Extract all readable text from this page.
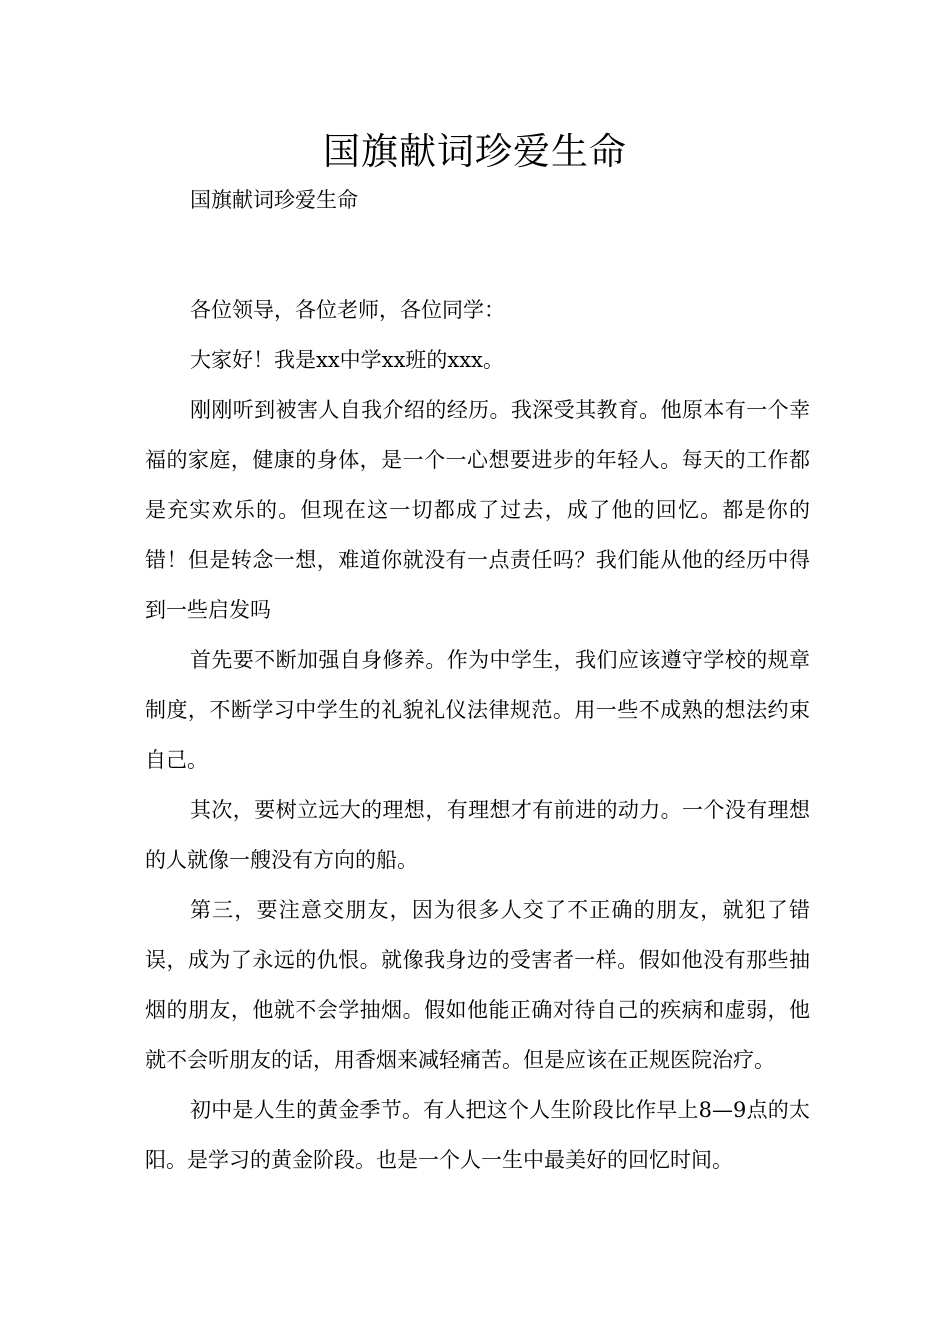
国旗献词珍爱生命
国旗献词珍爱生命

各位领导，各位老师，各位同学：

大家好！我是xx中学xx班的xxx。

刚刚听到被害人自我介绍的经历。我深受其教育。他原本有一个幸福的家庭，健康的身体，是一个一心想要进步的年轻人。每天的工作都是充实欢乐的。但现在这一切都成了过去，成了他的回忆。都是你的错！但是转念一想，难道你就没有一点责任吗？我们能从他的经历中得到一些启发吗

首先要不断加强自身修养。作为中学生，我们应该遵守学校的规章制度，不断学习中学生的礼貌礼仪法律规范。用一些不成熟的想法约束自己。

其次，要树立远大的理想，有理想才有前进的动力。一个没有理想的人就像一艘没有方向的船。

第三，要注意交朋友，因为很多人交了不正确的朋友，就犯了错误，成为了永远的仇恨。就像我身边的受害者一样。假如他没有那些抽烟的朋友，他就不会学抽烟。假如他能正确对待自己的疾病和虚弱，他就不会听朋友的话，用香烟来减轻痛苦。但是应该在正规医院治疗。

初中是人生的黄金季节。有人把这个人生阶段比作早上8—9点的太阳。是学习的黄金阶段。也是一个人一生中最美好的回忆时间。
